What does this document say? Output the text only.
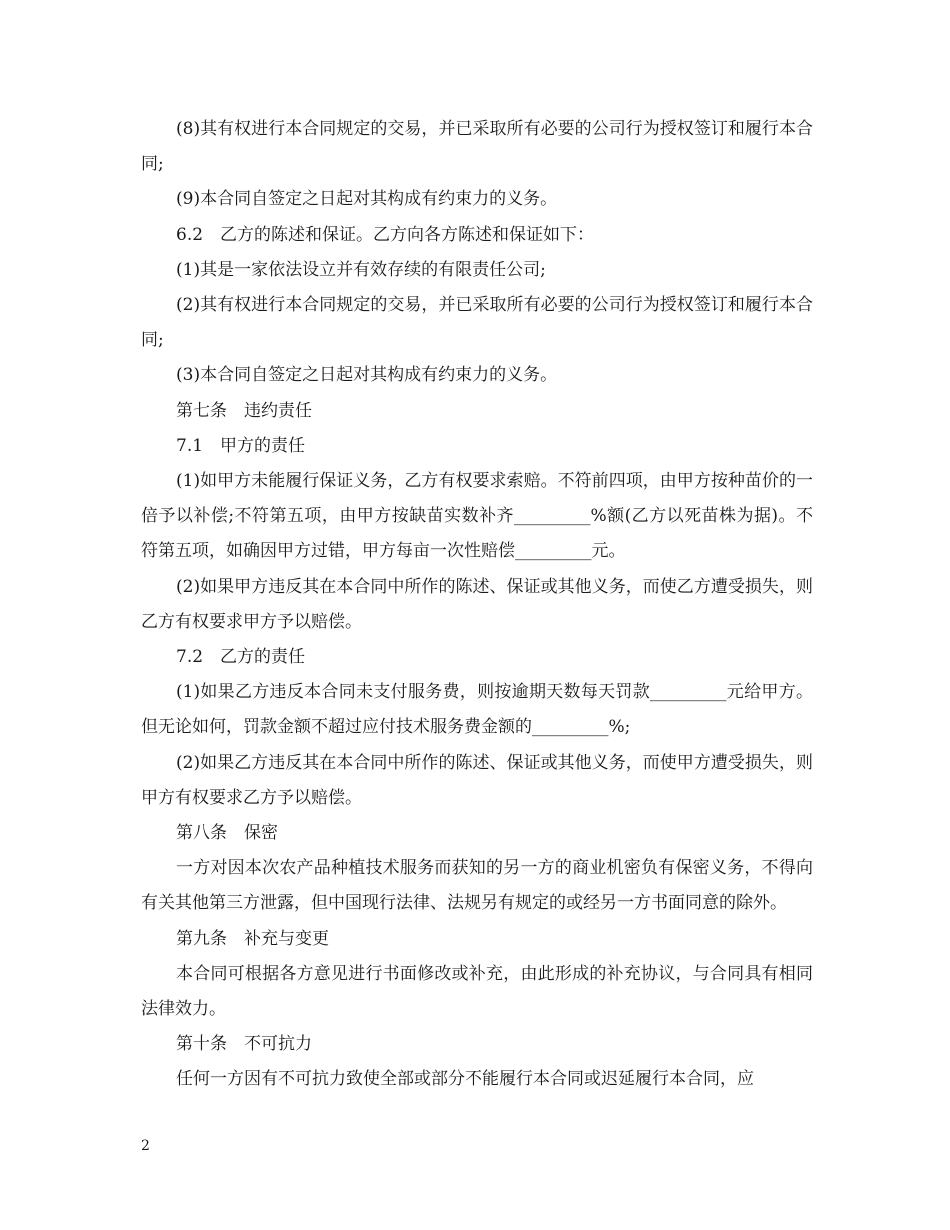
(8)其有权进行本合同规定的交易，并已采取所有必要的公司行为授权签订和履行本合同;

(9)本合同自签定之日起对其构成有约束力的义务。

6.2　乙方的陈述和保证。乙方向各方陈述和保证如下：

(1)其是一家依法设立并有效存续的有限责任公司;

(2)其有权进行本合同规定的交易，并已采取所有必要的公司行为授权签订和履行本合同;

(3)本合同自签定之日起对其构成有约束力的义务。

第七条　违约责任

7.1　甲方的责任

(1)如甲方未能履行保证义务，乙方有权要求索赔。不符前四项，由甲方按种苗价的一倍予以补偿;不符第五项，由甲方按缺苗实数补齐_________%额(乙方以死苗株为据)。不符第五项，如确因甲方过错，甲方每亩一次性赔偿_________元。

(2)如果甲方违反其在本合同中所作的陈述、保证或其他义务，而使乙方遭受损失，则乙方有权要求甲方予以赔偿。

7.2　乙方的责任

(1)如果乙方违反本合同未支付服务费，则按逾期天数每天罚款_________元给甲方。但无论如何，罚款金额不超过应付技术服务费金额的_________%;

(2)如果乙方违反其在本合同中所作的陈述、保证或其他义务，而使甲方遭受损失，则甲方有权要求乙方予以赔偿。

第八条　保密

一方对因本次农产品种植技术服务而获知的另一方的商业机密负有保密义务，不得向有关其他第三方泄露，但中国现行法律、法规另有规定的或经另一方书面同意的除外。

第九条　补充与变更

本合同可根据各方意见进行书面修改或补充，由此形成的补充协议，与合同具有相同法律效力。

第十条　不可抗力

任何一方因有不可抗力致使全部或部分不能履行本合同或迟延履行本合同，应

2
